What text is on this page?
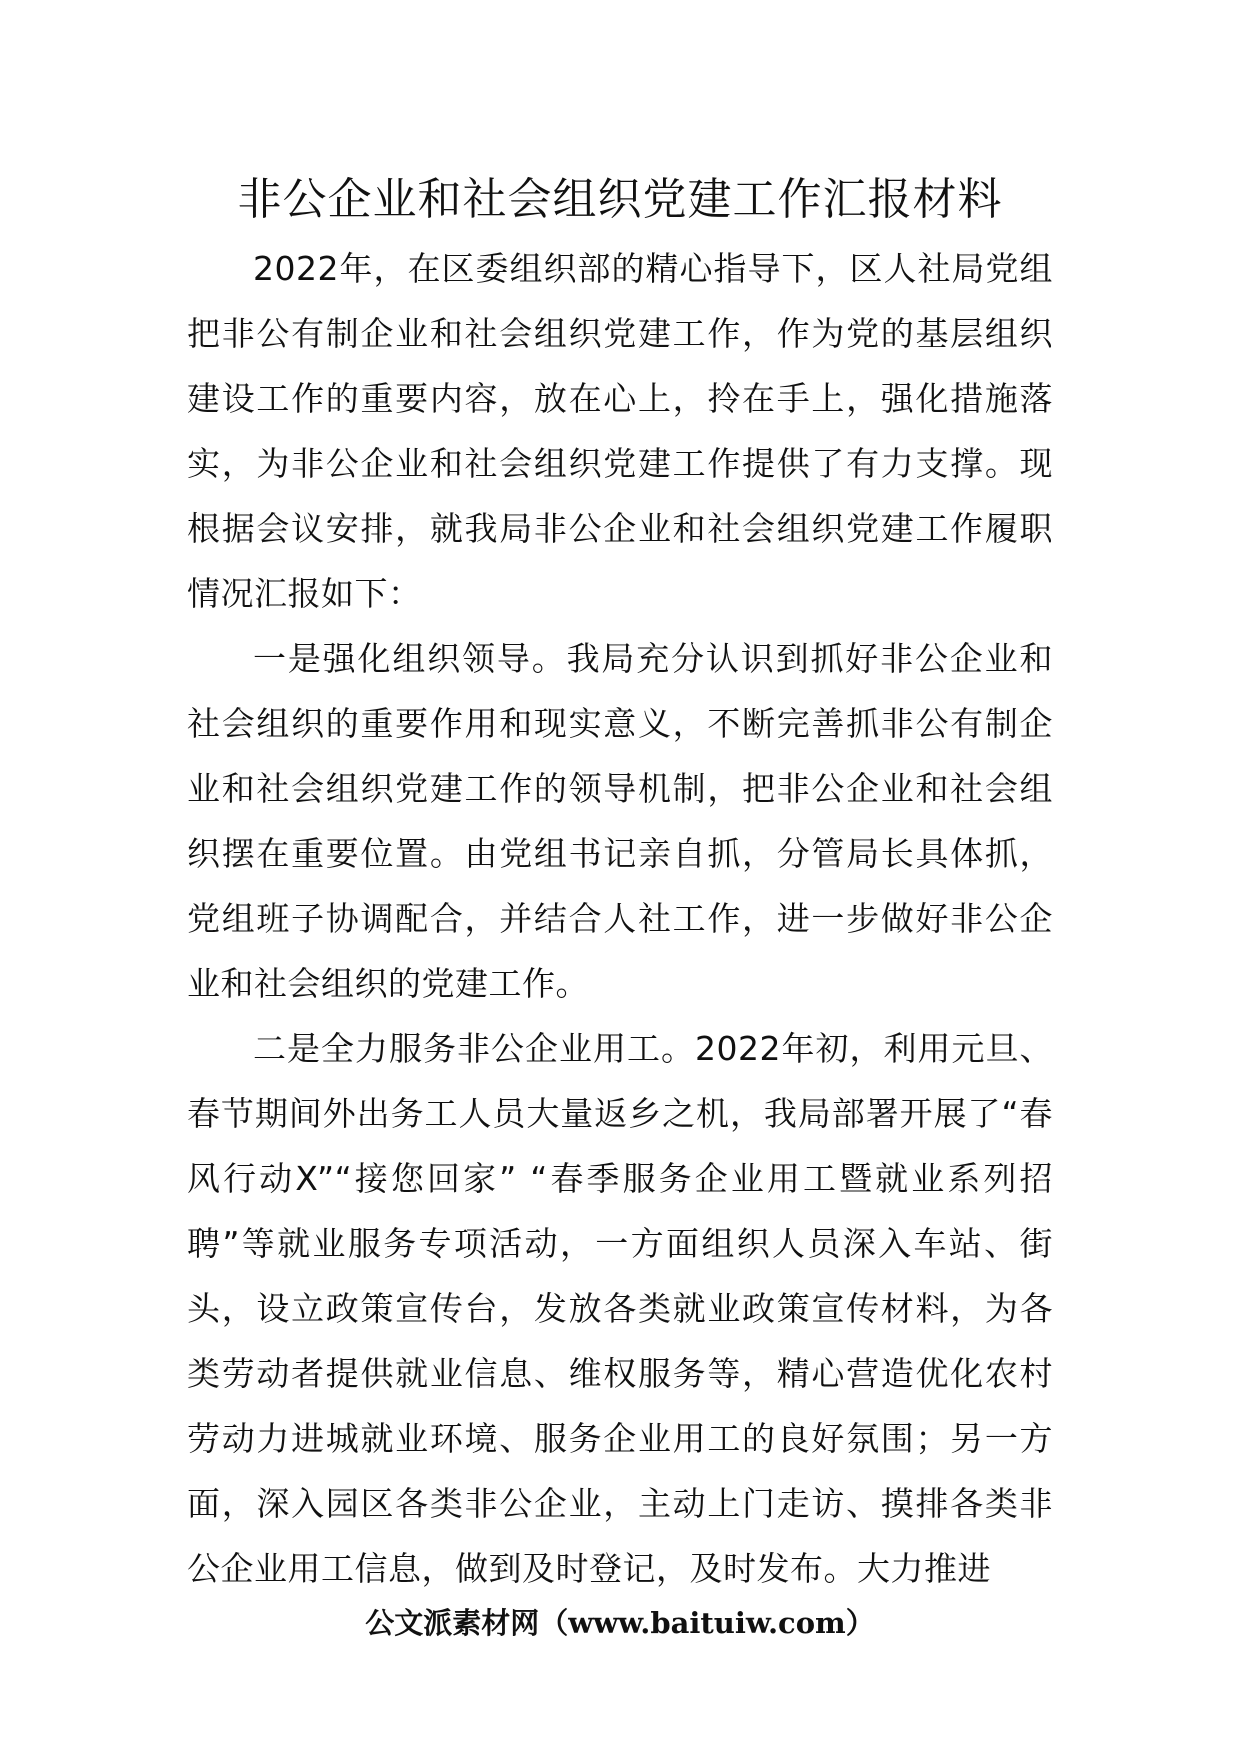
非公企业和社会组织党建工作汇报材料

2022年，在区委组织部的精心指导下，区人社局党组把非公有制企业和社会组织党建工作，作为党的基层组织建设工作的重要内容，放在心上，拎在手上，强化措施落实，为非公企业和社会组织党建工作提供了有力支撑。现根据会议安排，就我局非公企业和社会组织党建工作履职情况汇报如下：

一是强化组织领导。我局充分认识到抓好非公企业和社会组织的重要作用和现实意义，不断完善抓非公有制企业和社会组织党建工作的领导机制，把非公企业和社会组织摆在重要位置。由党组书记亲自抓，分管局长具体抓，党组班子协调配合，并结合人社工作，进一步做好非公企业和社会组织的党建工作。

二是全力服务非公企业用工。2022年初，利用元旦、春节期间外出务工人员大量返乡之机，我局部署开展了“春风行动X”“接您回家” “春季服务企业用工暨就业系列招聘”等就业服务专项活动，一方面组织人员深入车站、街头，设立政策宣传台，发放各类就业政策宣传材料，为各类劳动者提供就业信息、维权服务等，精心营造优化农村劳动力进城就业环境、服务企业用工的良好氛围；另一方面，深入园区各类非公企业，主动上门走访、摸排各类非公企业用工信息，做到及时登记，及时发布。大力推进

公文派素材网（www.baituiw.com）
